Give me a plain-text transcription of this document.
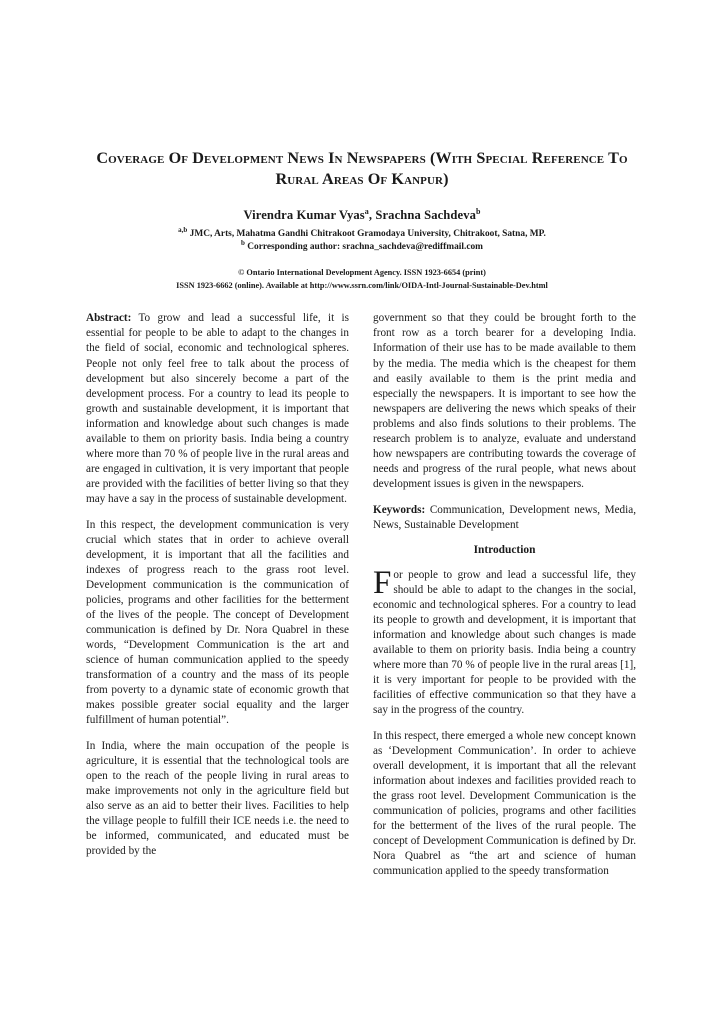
Coverage Of Development News In Newspapers (With Special Reference To Rural Areas Of Kanpur)
Virendra Kumar Vyas$^a$, Srachna Sachdeva$^b$
$^{a,b}$ JMC, Arts, Mahatma Gandhi Chitrakoot Gramodaya University, Chitrakoot, Satna, MP.
$^b$ Corresponding author: srachna_sachdeva@rediffmail.com
© Ontario International Development Agency. ISSN 1923-6654 (print)
ISSN 1923-6662 (online). Available at http://www.ssrn.com/link/OIDA-Intl-Journal-Sustainable-Dev.html

Abstract: To grow and lead a successful life, it is essential for people to be able to adapt to the changes in the field of social, economic and technological spheres. People not only feel free to talk about the process of development but also sincerely become a part of the development process. For a country to lead its people to growth and sustainable development, it is important that information and knowledge about such changes is made available to them on priority basis. India being a country where more than 70 % of people live in the rural areas and are engaged in cultivation, it is very important that people are provided with the facilities of better living so that they may have a say in the process of sustainable development.

In this respect, the development communication is very crucial which states that in order to achieve overall development, it is important that all the facilities and indexes of progress reach to the grass root level. Development communication is the communication of policies, programs and other facilities for the betterment of the lives of the people. The concept of Development communication is defined by Dr. Nora Quabrel in these words, “Development Communication is the art and science of human communication applied to the speedy transformation of a country and the mass of its people from poverty to a dynamic state of economic growth that makes possible greater social equality and the larger fulfillment of human potential”.

In India, where the main occupation of the people is agriculture, it is essential that the technological tools are open to the reach of the people living in rural areas to make improvements not only in the agriculture field but also serve as an aid to better their lives. Facilities to help the village people to fulfill their ICE needs i.e. the need to be informed, communicated, and educated must be provided by the

government so that they could be brought forth to the front row as a torch bearer for a developing India. Information of their use has to be made available to them by the media. The media which is the cheapest for them and easily available to them is the print media and especially the newspapers. It is important to see how the newspapers are delivering the news which speaks of their problems and also finds solutions to their problems. The research problem is to analyze, evaluate and understand how newspapers are contributing towards the coverage of needs and progress of the rural people, what news about development issues is given in the newspapers.

Keywords: Communication, Development news, Media, News, Sustainable Development

Introduction

For people to grow and lead a successful life, they should be able to adapt to the changes in the social, economic and technological spheres. For a country to lead its people to growth and development, it is important that information and knowledge about such changes is made available to them on priority basis. India being a country where more than 70 % of people live in the rural areas [1], it is very important for people to be provided with the facilities of effective communication so that they have a say in the progress of the country.

In this respect, there emerged a whole new concept known as ‘Development Communication’. In order to achieve overall development, it is important that all the relevant information about indexes and facilities provided reach to the grass root level. Development Communication is the communication of policies, programs and other facilities for the betterment of the lives of the rural people. The concept of Development Communication is defined by Dr. Nora Quabrel as “the art and science of human communication applied to the speedy transformation
